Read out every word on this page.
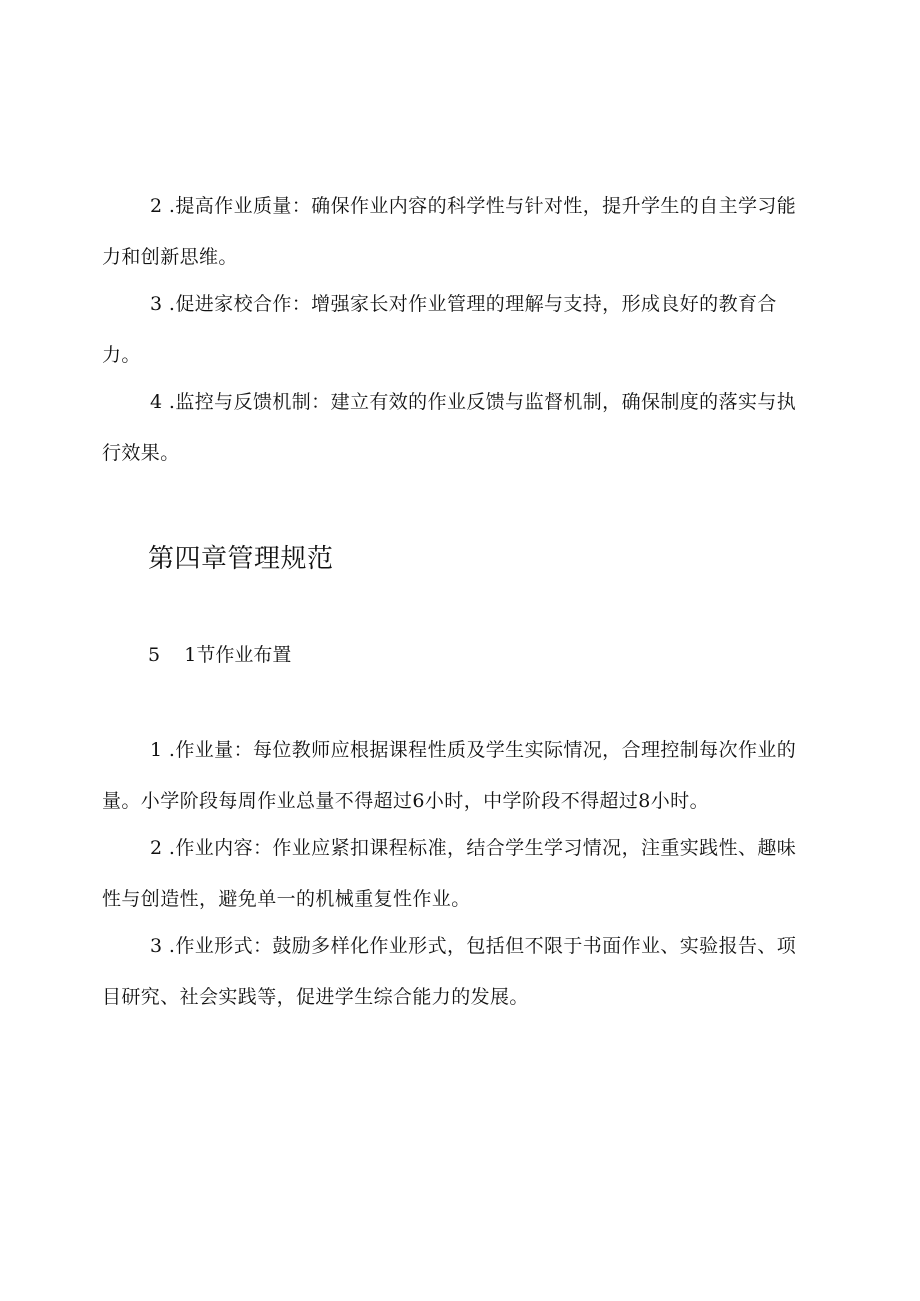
2 .提高作业质量：确保作业内容的科学性与针对性，提升学生的自主学习能力和创新思维。

3 .促进家校合作：增强家长对作业管理的理解与支持，形成良好的教育合力。

4 .监控与反馈机制：建立有效的作业反馈与监督机制，确保制度的落实与执行效果。

第四章管理规范
5    1节作业布置

1 .作业量：每位教师应根据课程性质及学生实际情况，合理控制每次作业的量。小学阶段每周作业总量不得超过6小时，中学阶段不得超过8小时。

2 .作业内容：作业应紧扣课程标准，结合学生学习情况，注重实践性、趣味性与创造性，避免单一的机械重复性作业。

3 .作业形式：鼓励多样化作业形式，包括但不限于书面作业、实验报告、项目研究、社会实践等，促进学生综合能力的发展。
